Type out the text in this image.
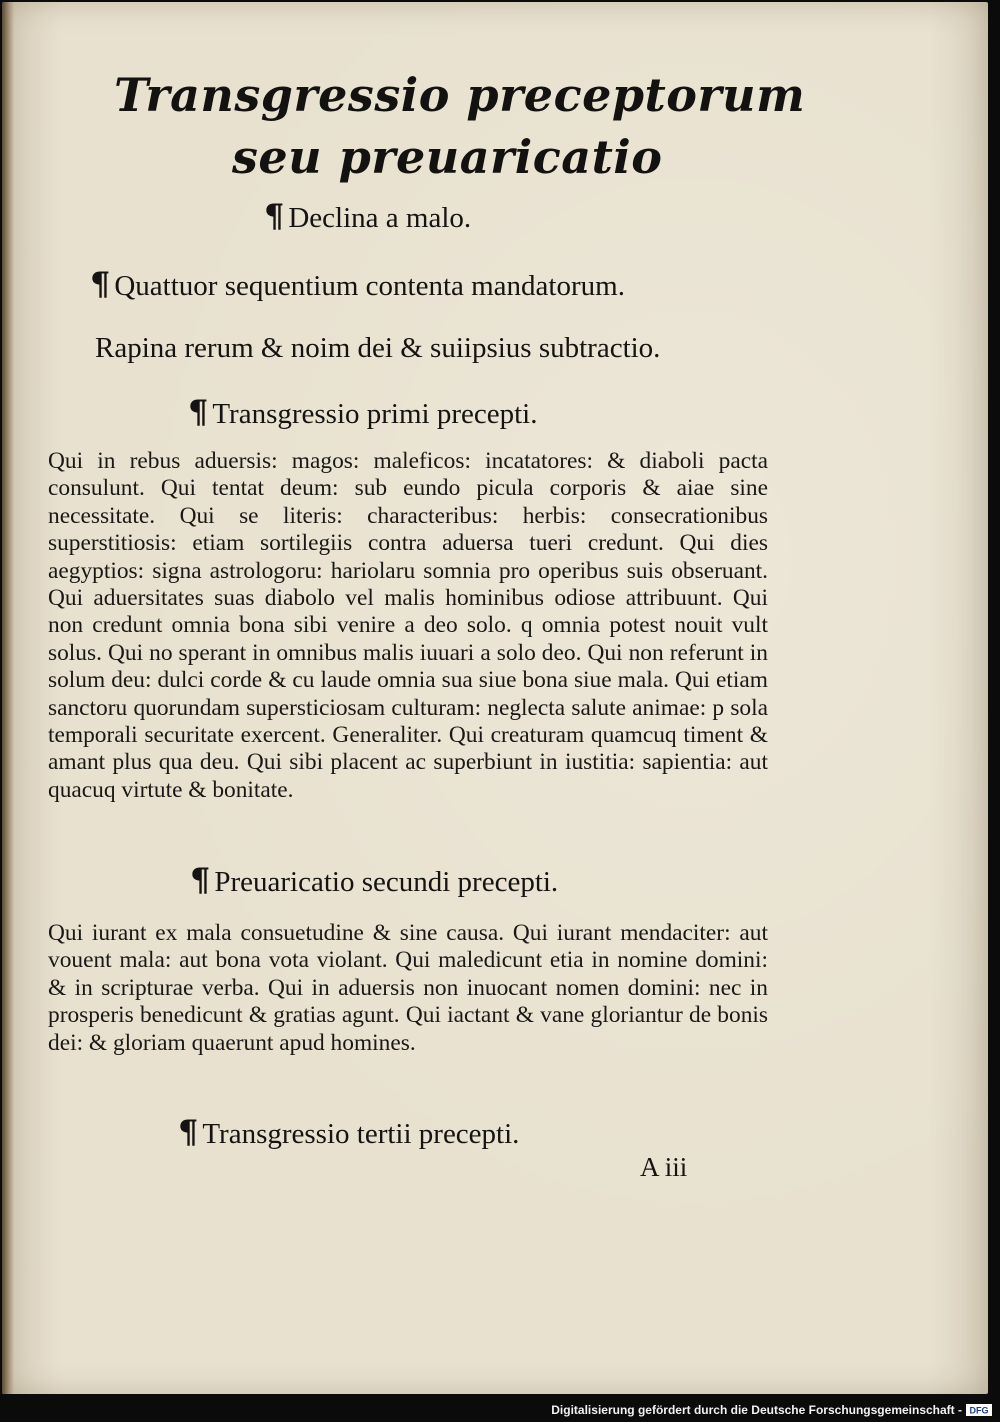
Transgressio preceptorum
seu preuaricatio

¶ Declina a malo.

¶ Quattuor sequentium contenta mandatorum.

Rapina rerum & noim dei & suiipsius subtractio.

¶ Transgressio primi precepti.

Qui in rebus aduersis: magos: maleficos: incatatores: & diaboli pacta consulunt. Qui tentat deum: sub eundo picula corporis & aiae sine necessitate. Qui se literis: characteribus: herbis: consecrationibus superstitiosis: etiam sortilegiis contra aduersa tueri credunt. Qui dies aegyptios: signa astrologoru: hariolaru somnia pro operibus suis obseruant. Qui aduersitates suas diabolo vel malis hominibus odiose attribuunt. Qui non credunt omnia bona sibi venire a deo solo. q omnia potest nouit vult solus. Qui no sperant in omnibus malis iuuari a solo deo. Qui non referunt in solum deu: dulci corde & cu laude omnia sua siue bona siue mala. Qui etiam sanctoru quorundam supersticiosam culturam: neglecta salute animae: p sola temporali securitate exercent. Generaliter. Qui creaturam quamcuq timent & amant plus qua deu. Qui sibi placent ac superbiunt in iustitia: sapientia: aut quacuq virtute & bonitate.

¶ Preuaricatio secundi precepti.

Qui iurant ex mala consuetudine & sine causa. Qui iurant mendaciter: aut vouent mala: aut bona vota violant. Qui maledicunt etia in nomine domini: & in scripturae verba. Qui in aduersis non inuocant nomen domini: nec in prosperis benedicunt & gratias agunt. Qui iactant & vane gloriantur de bonis dei: & gloriam quaerunt apud homines.

¶ Transgressio tertii precepti.

A iii
Digitalisierung gefördert durch die Deutsche Forschungsgemeinschaft - DFG
